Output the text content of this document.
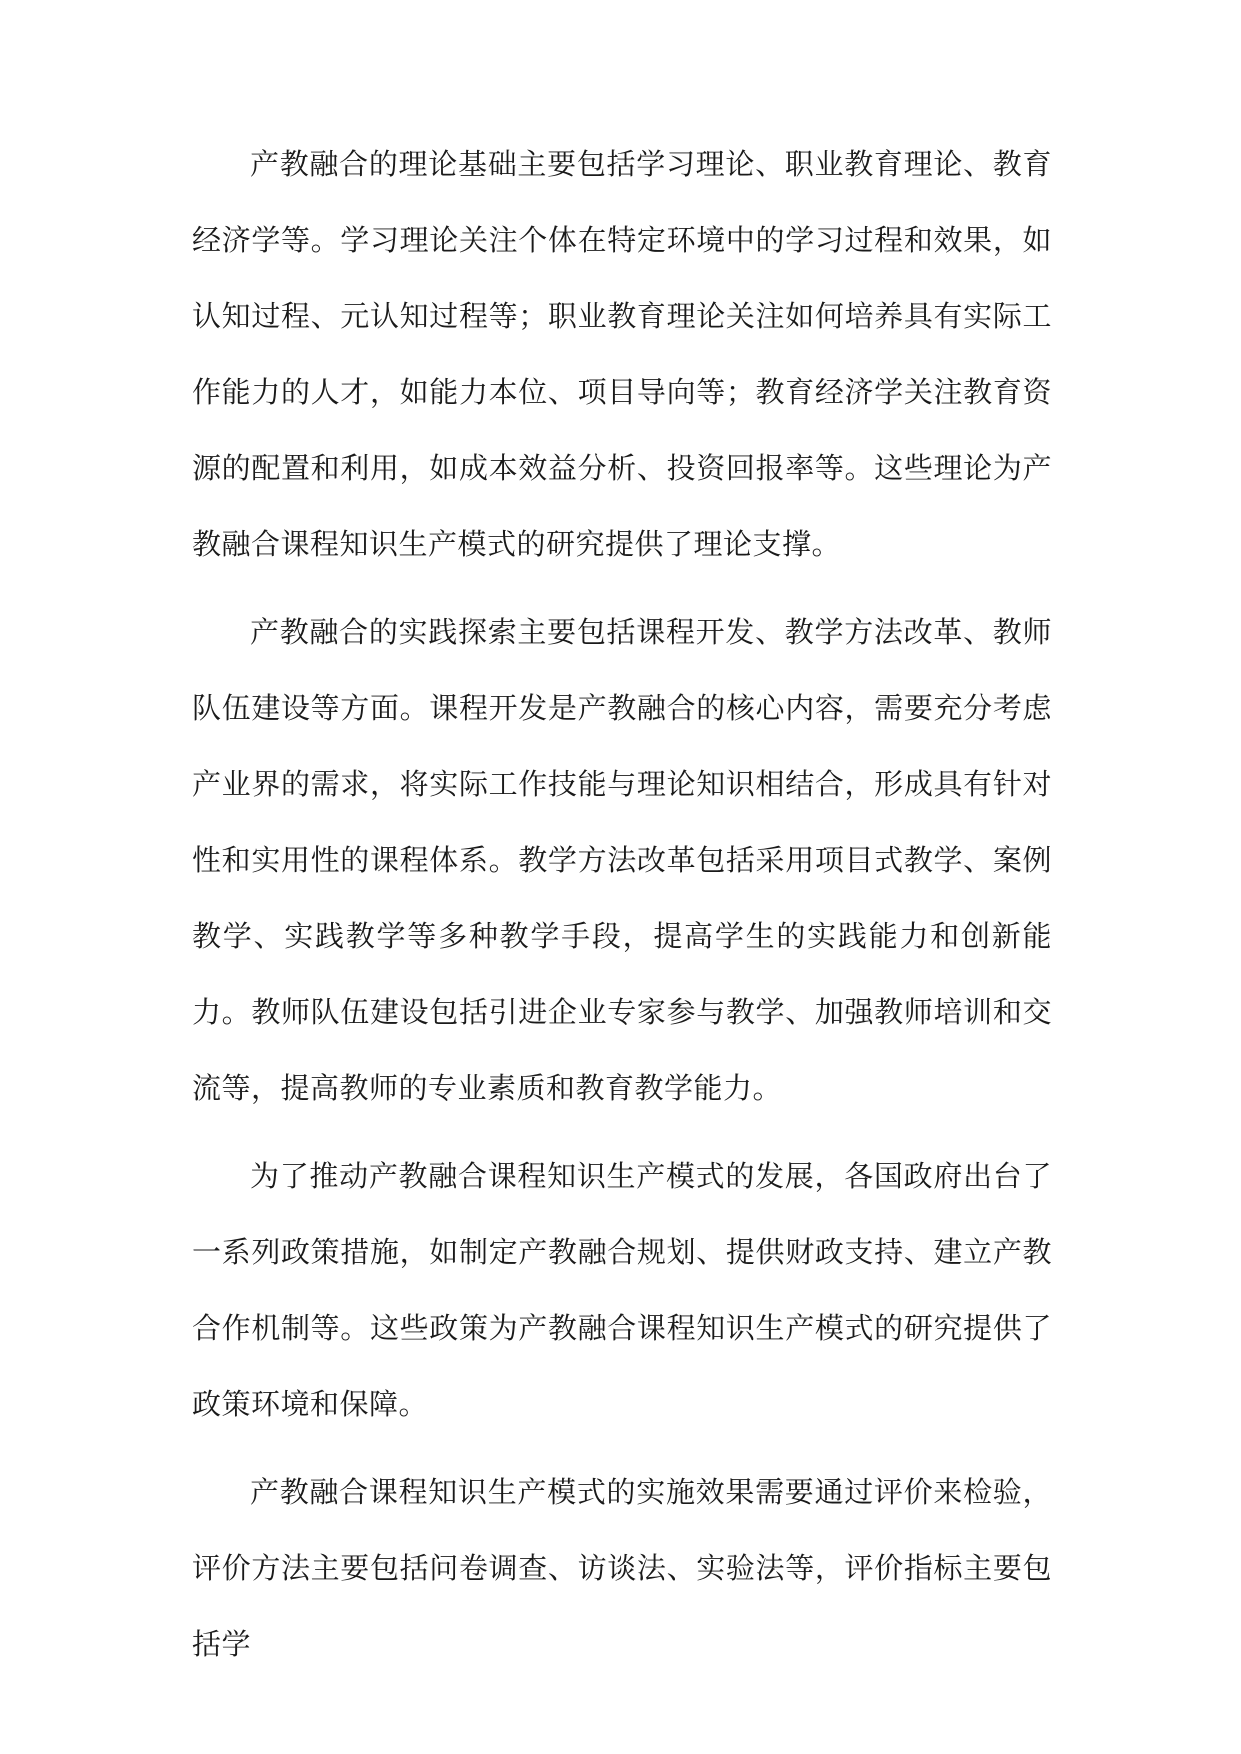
产教融合的理论基础主要包括学习理论、职业教育理论、教育经济学等。学习理论关注个体在特定环境中的学习过程和效果，如认知过程、元认知过程等；职业教育理论关注如何培养具有实际工作能力的人才，如能力本位、项目导向等；教育经济学关注教育资源的配置和利用，如成本效益分析、投资回报率等。这些理论为产教融合课程知识生产模式的研究提供了理论支撑。

产教融合的实践探索主要包括课程开发、教学方法改革、教师队伍建设等方面。课程开发是产教融合的核心内容，需要充分考虑产业界的需求，将实际工作技能与理论知识相结合，形成具有针对性和实用性的课程体系。教学方法改革包括采用项目式教学、案例教学、实践教学等多种教学手段，提高学生的实践能力和创新能力。教师队伍建设包括引进企业专家参与教学、加强教师培训和交流等，提高教师的专业素质和教育教学能力。

为了推动产教融合课程知识生产模式的发展，各国政府出台了一系列政策措施，如制定产教融合规划、提供财政支持、建立产教合作机制等。这些政策为产教融合课程知识生产模式的研究提供了政策环境和保障。

产教融合课程知识生产模式的实施效果需要通过评价来检验，评价方法主要包括问卷调查、访谈法、实验法等，评价指标主要包括学
